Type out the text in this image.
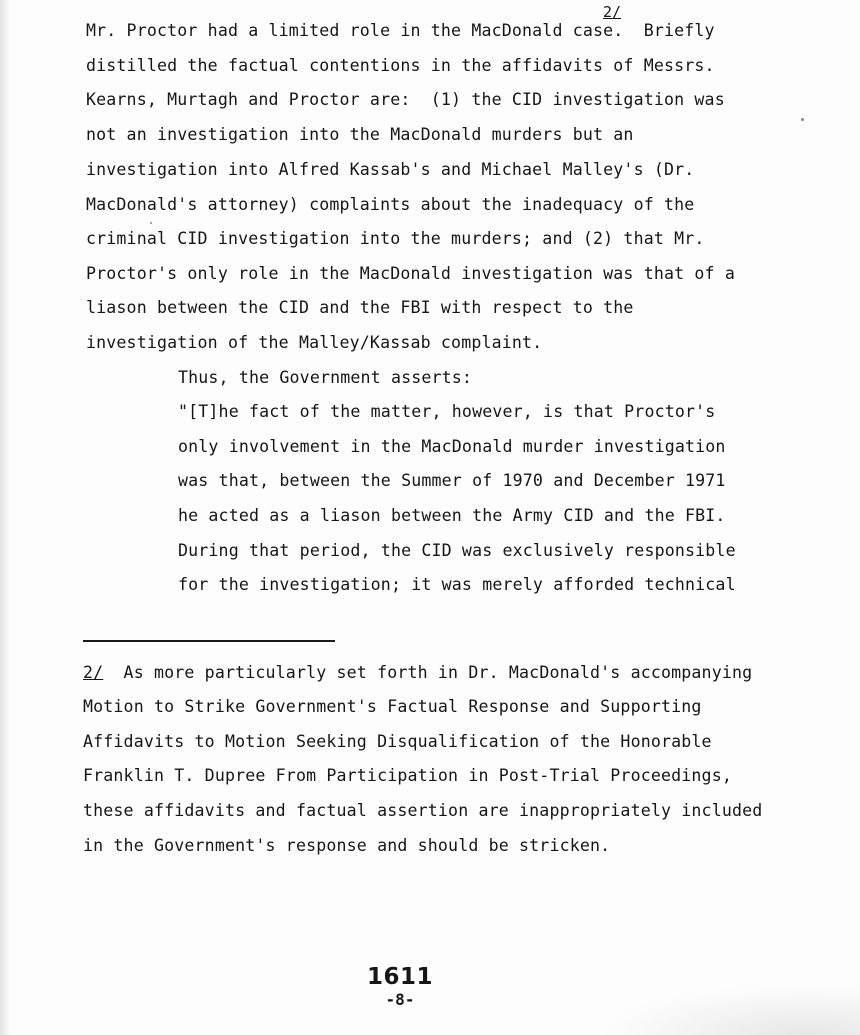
2/
Mr. Proctor had a limited role in the MacDonald case.  Briefly
distilled the factual contentions in the affidavits of Messrs.
Kearns, Murtagh and Proctor are:  (1) the CID investigation was
not an investigation into the MacDonald murders but an
investigation into Alfred Kassab's and Michael Malley's (Dr.
MacDonald's attorney) complaints about the inadequacy of the
criminal CID investigation into the murders; and (2) that Mr.
Proctor's only role in the MacDonald investigation was that of a
liason between the CID and the FBI with respect to the
investigation of the Malley/Kassab complaint.
Thus, the Government asserts:
"[T]he fact of the matter, however, is that Proctor's
only involvement in the MacDonald murder investigation
was that, between the Summer of 1970 and December 1971
he acted as a liason between the Army CID and the FBI.
During that period, the CID was exclusively responsible
for the investigation; it was merely afforded technical
2/  As more particularly set forth in Dr. MacDonald's accompanying
Motion to Strike Government's Factual Response and Supporting
Affidavits to Motion Seeking Disqualification of the Honorable
Franklin T. Dupree From Participation in Post-Trial Proceedings,
these affidavits and factual assertion are inappropriately included
in the Government's response and should be stricken.
1611
-8-
